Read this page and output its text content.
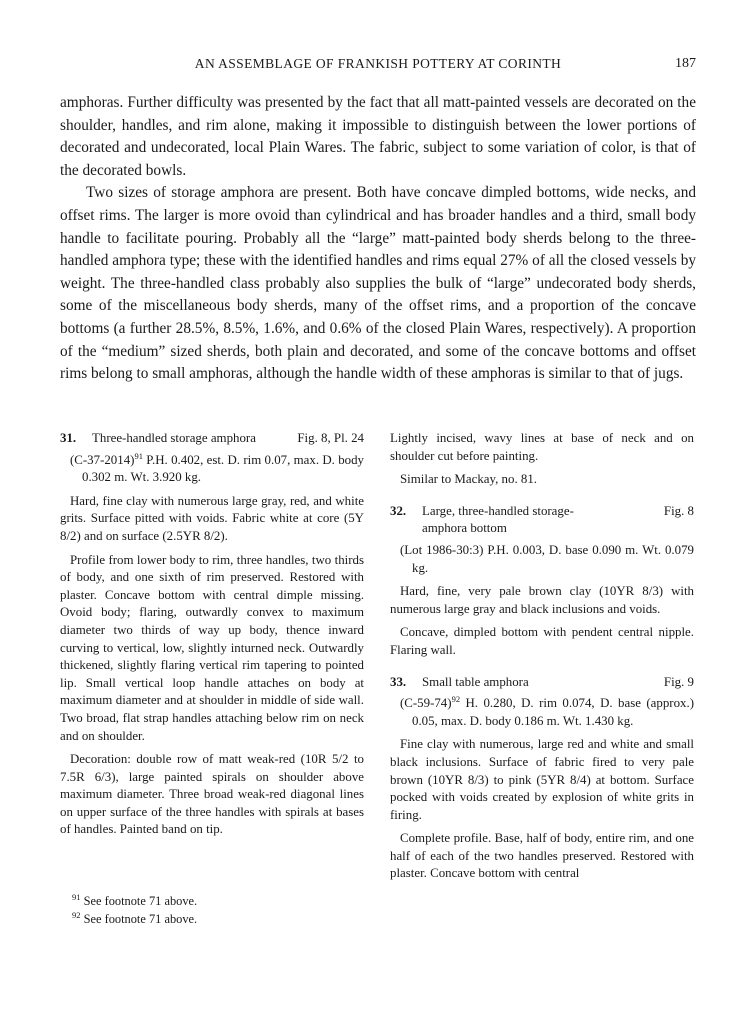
AN ASSEMBLAGE OF FRANKISH POTTERY AT CORINTH	187

amphoras. Further difficulty was presented by the fact that all matt-painted vessels are decorated on the shoulder, handles, and rim alone, making it impossible to distinguish between the lower portions of decorated and undecorated, local Plain Wares. The fabric, subject to some variation of color, is that of the decorated bowls.

Two sizes of storage amphora are present. Both have concave dimpled bottoms, wide necks, and offset rims. The larger is more ovoid than cylindrical and has broader handles and a third, small body handle to facilitate pouring. Probably all the “large” matt-painted body sherds belong to the three-handled amphora type; these with the identified handles and rims equal 27% of all the closed vessels by weight. The three-handled class probably also supplies the bulk of “large” undecorated body sherds, some of the miscellaneous body sherds, many of the offset rims, and a proportion of the concave bottoms (a further 28.5%, 8.5%, 1.6%, and 0.6% of the closed Plain Wares, respectively). A proportion of the “medium” sized sherds, both plain and decorated, and some of the concave bottoms and offset rims belong to small amphoras, although the handle width of these amphoras is similar to that of jugs.

31.	Three-handled storage amphora	Fig. 8, Pl. 24

$(C-37-2014)^{91}$ P.H. 0.402, est. D. rim 0.07, max. D. body 0.302 m. Wt. 3.920 kg.

Hard, fine clay with numerous large gray, red, and white grits. Surface pitted with voids. Fabric white at core (5Y 8/2) and on surface (2.5YR 8/2).

Profile from lower body to rim, three handles, two thirds of body, and one sixth of rim preserved. Restored with plaster. Concave bottom with central dimple missing. Ovoid body; flaring, outwardly convex to maximum diameter two thirds of way up body, thence inward curving to vertical, low, slightly inturned neck. Outwardly thickened, slightly flaring vertical rim tapering to pointed lip. Small vertical loop handle attaches on body at maximum diameter and at shoulder in middle of side wall. Two broad, flat strap handles attaching below rim on neck and on shoulder.

Decoration: double row of matt weak-red (10R 5/2 to 7.5R 6/3), large painted spirals on shoulder above maximum diameter. Three broad weak-red diagonal lines on upper surface of the three handles with spirals at bases of handles. Painted band on tip.

Lightly incised, wavy lines at base of neck and on shoulder cut before painting.

Similar to Mackay, no. 81.

32.	Large, three-handled storage-amphora bottom
Fig. 8

(Lot 1986-30:3) P.H. 0.003, D. base 0.090 m. Wt. 0.079 kg.

Hard, fine, very pale brown clay (10YR 8/3) with numerous large gray and black inclusions and voids.

Concave, dimpled bottom with pendent central nipple. Flaring wall.

33.	Small table amphora	Fig. 9

$(C-59-74)^{92}$ H. 0.280, D. rim 0.074, D. base (approx.) 0.05, max. D. body 0.186 m. Wt. 1.430 kg.

Fine clay with numerous, large red and white and small black inclusions. Surface of fabric fired to very pale brown (10YR 8/3) to pink (5YR 8/4) at bottom. Surface pocked with voids created by explosion of white grits in firing.

Complete profile. Base, half of body, entire rim, and one half of each of the two handles preserved. Restored with plaster. Concave bottom with central

$^{91}$ See footnote 71 above.

$^{92}$ See footnote 71 above.
